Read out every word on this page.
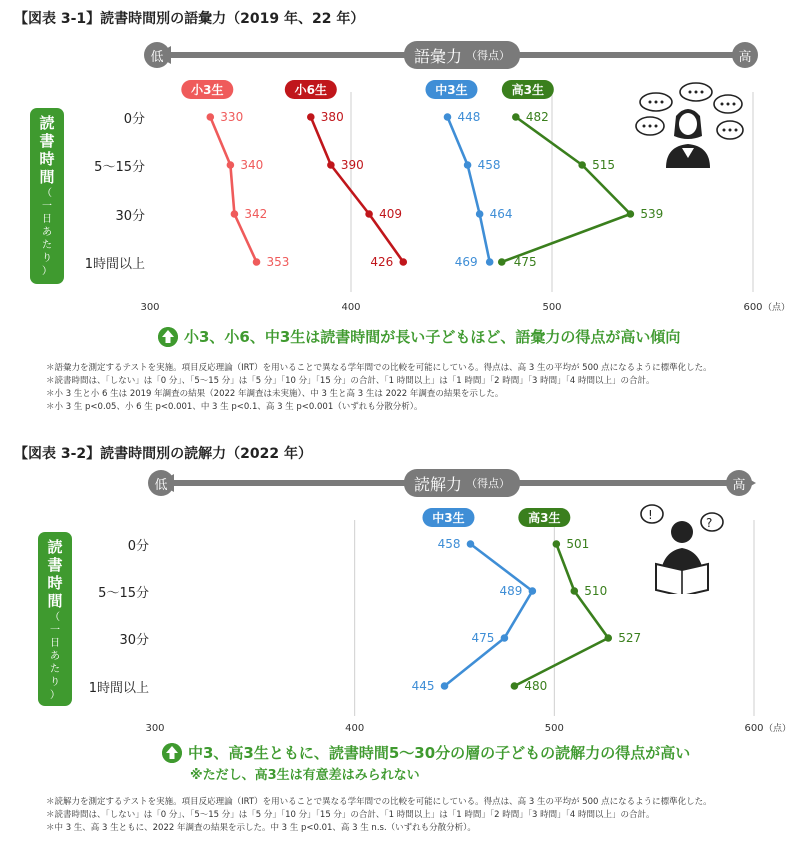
【図表 3-1】読書時間別の語彙力（2019 年、22 年）
低	高
語彙力 （得点）
読
書
時
間
（
一
日
あ
た
り
）
0分
5〜15分
30分
1時間以上
300	400	500	600 （点）
330
340
342
353
小3生
380
390
409
426
小6生
448
458
464
469
中3生
482
515
539
475
高3生
小3、小6、中3生は読書時間が長い子どもほど、語彙力の得点が高い傾向
＊語彙力を測定するテストを実施。項目反応理論（IRT）を用いることで異なる学年間での比較を可能にしている。得点は、高 3 生の平均が 500 点になるように標準化した。
＊読書時間は、「しない」は「0 分」、「5〜15 分」は「5 分」「10 分」「15 分」の合計、「1 時間以上」は「1 時間」「2 時間」「3 時間」「4 時間以上」の合計。
＊小 3 生と小 6 生は 2019 年調査の結果（2022 年調査は未実施）、中 3 生と高 3 生は 2022 年調査の結果を示した。
＊小 3 生 p<0.05、小 6 生 p<0.001、中 3 生 p<0.1、高 3 生 p<0.001（いずれも分散分析）。
【図表 3-2】読書時間別の読解力（2022 年）
低	高
読解力 （得点）
読
書
時
間
（
一
日
あ
た
り
）
0分
5〜15分
30分
1時間以上
300	400	500	600 （点）
458
489
475
445
中3生
501
510
527
480
高3生	!
?
中3、高3生ともに、読書時間5〜30分の層の子どもの読解力の得点が高い
※ただし、高3生は有意差はみられない
＊読解力を測定するテストを実施。項目反応理論（IRT）を用いることで異なる学年間での比較を可能にしている。得点は、高 3 生の平均が 500 点になるように標準化した。
＊読書時間は、「しない」は「0 分」、「5〜15 分」は「5 分」「10 分」「15 分」の合計、「1 時間以上」は「1 時間」「2 時間」「3 時間」「4 時間以上」の合計。
＊中 3 生、高 3 生ともに、2022 年調査の結果を示した。中 3 生 p<0.01、高 3 生 n.s.（いずれも分散分析）。
